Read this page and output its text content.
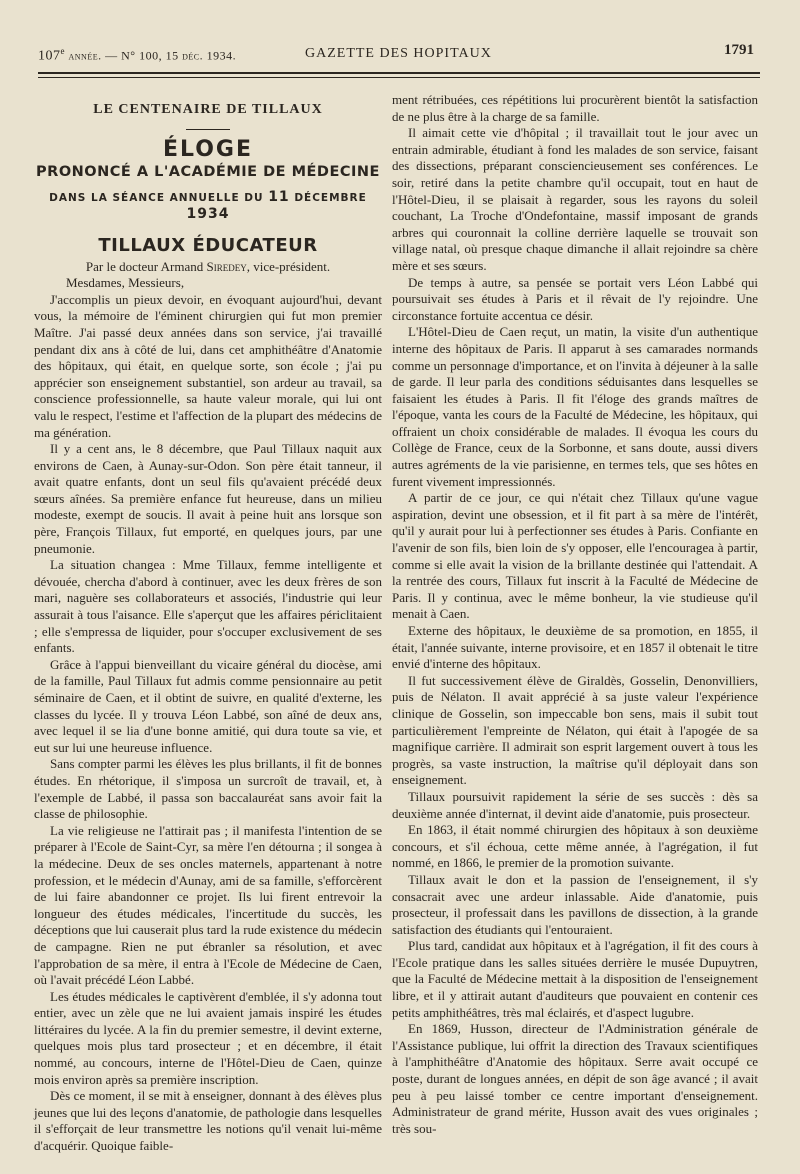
107e année. — N° 100, 15 déc. 1934.	GAZETTE DES HOPITAUX	1791
LE CENTENAIRE DE TILLAUX
ÉLOGE
PRONONCÉ A L'ACADÉMIE DE MÉDECINE
DANS LA SÉANCE ANNUELLE DU 11 DÉCEMBRE 1934
TILLAUX ÉDUCATEUR
Par le docteur Armand Siredey, vice-président.

Mesdames, Messieurs,

J'accomplis un pieux devoir, en évoquant aujourd'hui, devant vous, la mémoire de l'éminent chirurgien qui fut mon premier Maître. J'ai passé deux années dans son service, j'ai travaillé pendant dix ans à côté de lui, dans cet amphithéâtre d'Anatomie des hôpitaux, qui était, en quelque sorte, son école ; j'ai pu apprécier son enseignement substantiel, son ardeur au travail, sa conscience professionnelle, sa haute valeur morale, qui lui ont valu le respect, l'estime et l'affection de la plupart des médecins de ma génération.

Il y a cent ans, le 8 décembre, que Paul Tillaux naquit aux environs de Caen, à Aunay-sur-Odon. Son père était tanneur, il avait quatre enfants, dont un seul fils qu'avaient précédé deux sœurs aînées. Sa première enfance fut heureuse, dans un milieu modeste, exempt de soucis. Il avait à peine huit ans lorsque son père, François Tillaux, fut emporté, en quelques jours, par une pneumonie.

La situation changea : Mme Tillaux, femme intelligente et dévouée, chercha d'abord à continuer, avec les deux frères de son mari, naguère ses collaborateurs et associés, l'industrie qui leur assurait à tous l'aisance. Elle s'aperçut que les affaires périclitaient ; elle s'empressa de liquider, pour s'occuper exclusivement de ses enfants.

Grâce à l'appui bienveillant du vicaire général du diocèse, ami de la famille, Paul Tillaux fut admis comme pensionnaire au petit séminaire de Caen, et il obtint de suivre, en qualité d'externe, les classes du lycée. Il y trouva Léon Labbé, son aîné de deux ans, avec lequel il se lia d'une bonne amitié, qui dura toute sa vie, et eut sur lui une heureuse influence.

Sans compter parmi les élèves les plus brillants, il fit de bonnes études. En rhétorique, il s'imposa un surcroît de travail, et, à l'exemple de Labbé, il passa son baccalauréat sans avoir fait la classe de philosophie.

La vie religieuse ne l'attirait pas ; il manifesta l'intention de se préparer à l'Ecole de Saint-Cyr, sa mère l'en détourna ; il songea à la médecine. Deux de ses oncles maternels, appartenant à notre profession, et le médecin d'Aunay, ami de sa famille, s'efforcèrent de lui faire abandonner ce projet. Ils lui firent entrevoir la longueur des études médicales, l'incertitude du succès, les déceptions que lui causerait plus tard la rude existence du médecin de campagne. Rien ne put ébranler sa résolution, et avec l'approbation de sa mère, il entra à l'Ecole de Médecine de Caen, où l'avait précédé Léon Labbé.

Les études médicales le captivèrent d'emblée, il s'y adonna tout entier, avec un zèle que ne lui avaient jamais inspiré les études littéraires du lycée. A la fin du premier semestre, il devint externe, quelques mois plus tard prosecteur ; et en décembre, il était nommé, au concours, interne de l'Hôtel-Dieu de Caen, quinze mois environ après sa première inscription.

Dès ce moment, il se mit à enseigner, donnant à des élèves plus jeunes que lui des leçons d'anatomie, de pathologie dans lesquelles il s'efforçait de leur transmettre les notions qu'il venait lui-même d'acquérir. Quoique faible-

ment rétribuées, ces répétitions lui procurèrent bientôt la satisfaction de ne plus être à la charge de sa famille.

Il aimait cette vie d'hôpital ; il travaillait tout le jour avec un entrain admirable, étudiant à fond les malades de son service, faisant des dissections, préparant consciencieusement ses conférences. Le soir, retiré dans la petite chambre qu'il occupait, tout en haut de l'Hôtel-Dieu, il se plaisait à regarder, sous les rayons du soleil couchant, La Troche d'Ondefontaine, massif imposant de grands arbres qui couronnait la colline derrière laquelle se trouvait son village natal, où presque chaque dimanche il allait rejoindre sa chère mère et ses sœurs.

De temps à autre, sa pensée se portait vers Léon Labbé qui poursuivait ses études à Paris et il rêvait de l'y rejoindre. Une circonstance fortuite accentua ce désir.

L'Hôtel-Dieu de Caen reçut, un matin, la visite d'un authentique interne des hôpitaux de Paris. Il apparut à ses camarades normands comme un personnage d'importance, et on l'invita à déjeuner à la salle de garde. Il leur parla des conditions séduisantes dans lesquelles se faisaient les études à Paris. Il fit l'éloge des grands maîtres de l'époque, vanta les cours de la Faculté de Médecine, les hôpitaux, qui offraient un choix considérable de malades. Il évoqua les cours du Collège de France, ceux de la Sorbonne, et sans doute, aussi divers autres agréments de la vie parisienne, en termes tels, que ses hôtes en furent vivement impressionnés.

A partir de ce jour, ce qui n'était chez Tillaux qu'une vague aspiration, devint une obsession, et il fit part à sa mère de l'intérêt, qu'il y aurait pour lui à perfectionner ses études à Paris. Confiante en l'avenir de son fils, bien loin de s'y opposer, elle l'encouragea à partir, comme si elle avait la vision de la brillante destinée qui l'attendait. A la rentrée des cours, Tillaux fut inscrit à la Faculté de Médecine de Paris. Il y continua, avec le même bonheur, la vie studieuse qu'il menait à Caen.

Externe des hôpitaux, le deuxième de sa promotion, en 1855, il était, l'année suivante, interne provisoire, et en 1857 il obtenait le titre envié d'interne des hôpitaux.

Il fut successivement élève de Giraldès, Gosselin, Denonvilliers, puis de Nélaton. Il avait apprécié à sa juste valeur l'expérience clinique de Gosselin, son impeccable bon sens, mais il subit tout particulièrement l'empreinte de Nélaton, qui était à l'apogée de sa magnifique carrière. Il admirait son esprit largement ouvert à tous les progrès, sa vaste instruction, la maîtrise qu'il déployait dans son enseignement.

Tillaux poursuivit rapidement la série de ses succès : dès sa deuxième année d'internat, il devint aide d'anatomie, puis prosecteur.

En 1863, il était nommé chirurgien des hôpitaux à son deuxième concours, et s'il échoua, cette même année, à l'agrégation, il fut nommé, en 1866, le premier de la promotion suivante.

Tillaux avait le don et la passion de l'enseignement, il s'y consacrait avec une ardeur inlassable. Aide d'anatomie, puis prosecteur, il professait dans les pavillons de dissection, à la grande satisfaction des étudiants qui l'entouraient.

Plus tard, candidat aux hôpitaux et à l'agrégation, il fit des cours à l'Ecole pratique dans les salles situées derrière le musée Dupuytren, que la Faculté de Médecine mettait à la disposition de l'enseignement libre, et il y attirait autant d'auditeurs que pouvaient en contenir ces petits amphithéâtres, très mal éclairés, et d'aspect lugubre.

En 1869, Husson, directeur de l'Administration générale de l'Assistance publique, lui offrit la direction des Travaux scientifiques à l'amphithéâtre d'Anatomie des hôpitaux. Serre avait occupé ce poste, durant de longues années, en dépit de son âge avancé ; il avait peu à peu laissé tomber ce centre important d'enseignement. Administrateur de grand mérite, Husson avait des vues originales ; très sou-
